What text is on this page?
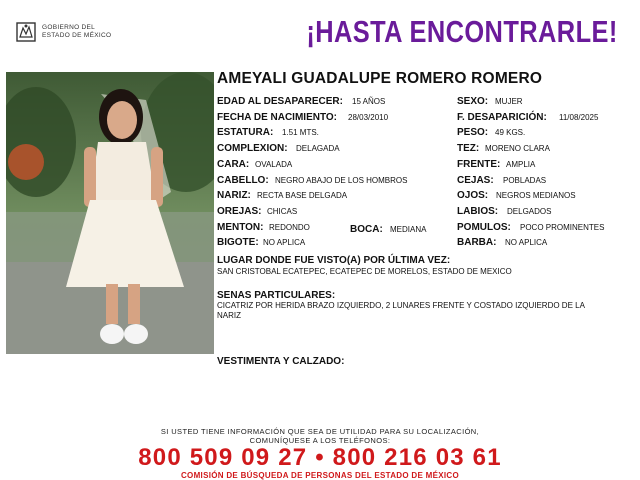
GOBIERNO DEL
ESTADO DE MÉXICO	¡HASTA ENCONTRARLE!
AMEYALI GUADALUPE ROMERO ROMERO
EDAD AL DESAPARECER: 15 AÑOS
FECHA DE NACIMIENTO: 28/03/2010
ESTATURA: 1.51 MTS.
COMPLEXION: DELAGADA
CARA: OVALADA
CABELLO: NEGRO ABAJO DE LOS HOMBROS
NARIZ: RECTA BASE DELGADA
OREJAS: CHICAS
MENTON: REDONDO	BOCA: MEDIANA
BIGOTE: NO APLICA
SEXO: MUJER
F. DESAPARICIÓN: 11/08/2025
PESO: 49 KGS.
TEZ: MORENO CLARA
FRENTE: AMPLIA
CEJAS: POBLADAS
OJOS: NEGROS MEDIANOS
LABIOS: DELGADOS
POMULOS: POCO PROMINENTES
BARBA: NO APLICA
LUGAR DONDE FUE VISTO(A) POR ÚLTIMA VEZ:
SAN CRISTOBAL ECATEPEC, ECATEPEC DE MORELOS, ESTADO DE MEXICO
SENAS PARTICULARES:
CICATRIZ POR HERIDA BRAZO IZQUIERDO, 2 LUNARES FRENTE Y COSTADO IZQUIERDO DE LA NARIZ
VESTIMENTA Y CALZADO:
SI USTED TIENE INFORMACIÓN QUE SEA DE UTILIDAD PARA SU LOCALIZACIÓN,
COMUNÍQUESE A LOS TELÉFONOS:
800 509 09 27 • 800 216 03 61
COMISIÓN DE BÚSQUEDA DE PERSONAS DEL ESTADO DE MÉXICO
